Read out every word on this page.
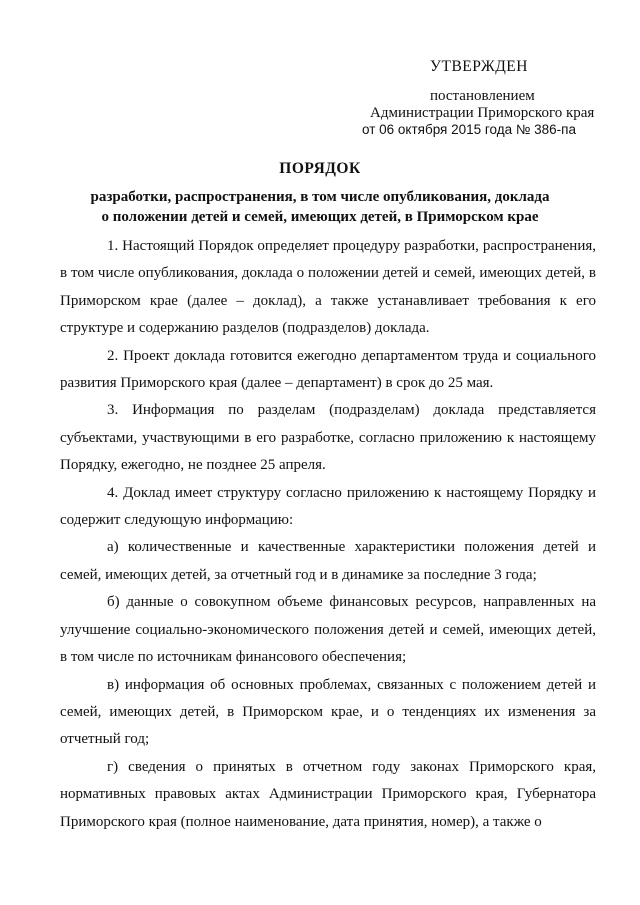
УТВЕРЖДЕН
постановлением
Администрации Приморского края
от 06 октября 2015 года № 386-па
ПОРЯДОК
разработки, распространения, в том числе опубликования, доклада
о положении детей и семей, имеющих детей, в Приморском крае

1. Настоящий Порядок определяет процедуру разработки, распространения, в том числе опубликования, доклада о положении детей и семей, имеющих детей, в Приморском крае (далее – доклад), а также устанавливает требования к его структуре и содержанию разделов (подразделов) доклада.

2. Проект доклада готовится ежегодно департаментом труда и социального развития Приморского края (далее – департамент) в срок до 25 мая.

3. Информация по разделам (подразделам) доклада представляется субъектами, участвующими в его разработке, согласно приложению к настоящему Порядку, ежегодно, не позднее 25 апреля.

4. Доклад имеет структуру согласно приложению к настоящему Порядку и содержит следующую информацию:

а) количественные и качественные характеристики положения детей и семей, имеющих детей, за отчетный год и в динамике за последние 3 года;

б) данные о совокупном объеме финансовых ресурсов, направленных на улучшение социально-экономического положения детей и семей, имеющих детей, в том числе по источникам финансового обеспечения;

в) информация об основных проблемах, связанных с положением детей и семей, имеющих детей, в Приморском крае, и о тенденциях их изменения за отчетный год;

г) сведения о принятых в отчетном году законах Приморского края, нормативных правовых актах Администрации Приморского края, Губернатора Приморского края (полное наименование, дата принятия, номер), а также о
